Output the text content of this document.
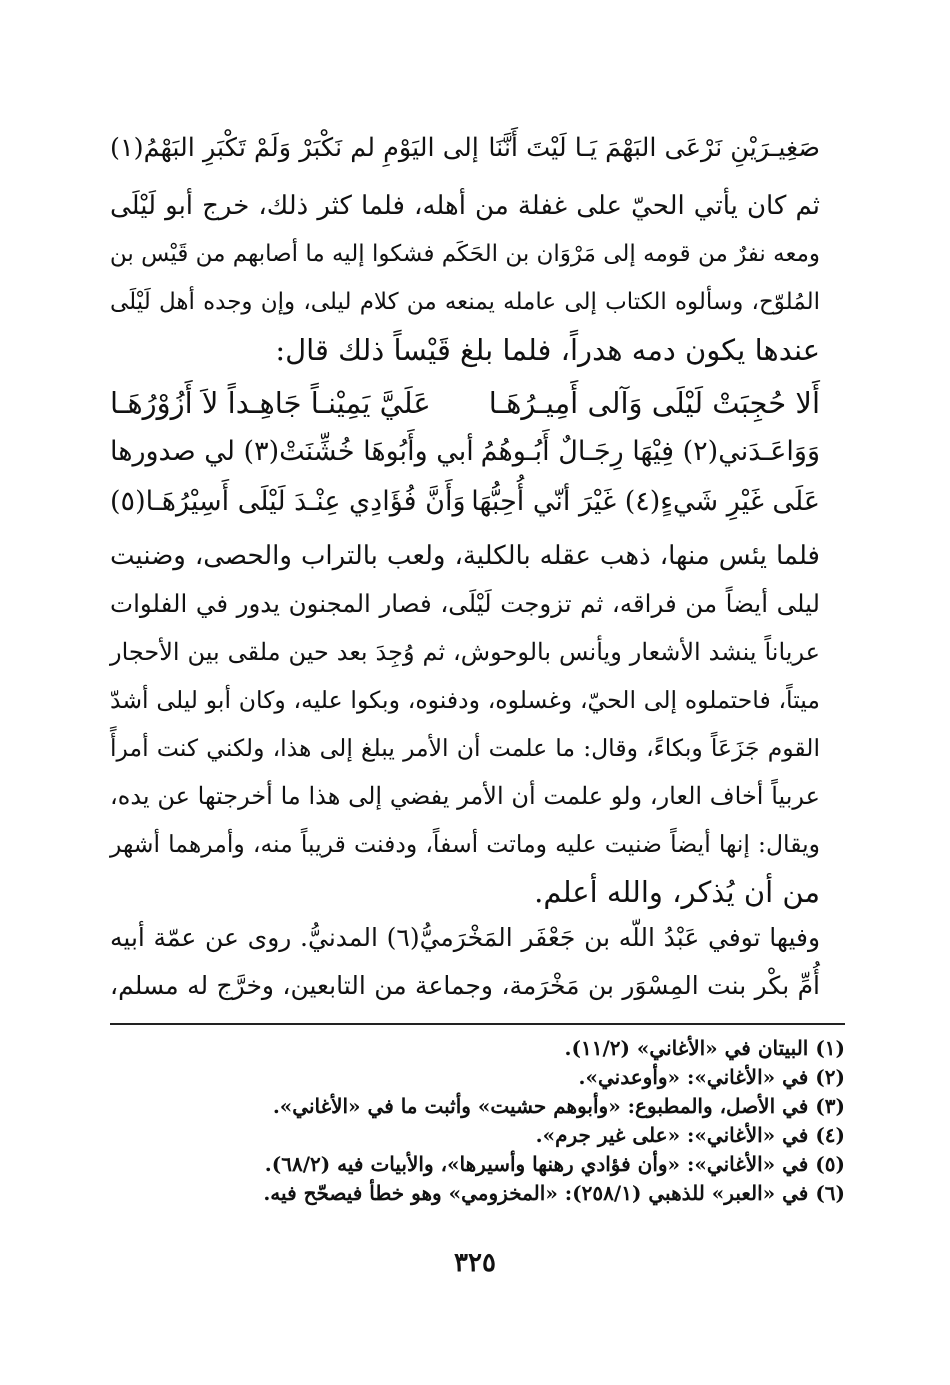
صَغِيـرَيْنِ نَرْعَى البَهْمَ يَـا لَيْتَ أَنَّنَا
إلى اليَوْمِ لم نَكْبَرْ وَلَمْ تَكْبَرِ البَهْمُ(١)
ثم كان يأتي الحيّ على غفلة من أهله، فلما كثر ذلك، خرج أبو لَيْلَى
ومعه نفرٌ من قومه إلى مَرْوَان بن الحَكَم فشكوا إليه ما أصابهم من قَيْس بن
المُلوّح، وسألوه الكتاب إلى عامله يمنعه من كلام ليلى، وإن وجده أهل لَيْلَى
عندها يكون دمه هدراً، فلما بلغ قَيْساً ذلك قال:
أَلا حُجِبَتْ لَيْلَى وَآلى أَمِيـرُهَـا
عَلَيَّ يَمِيْنـاً جَاهِـداً لاَ أَزُوْرُهَـا
وَوَاعَـدَني(٢) فِيْهَا رِجَـالٌ أَبُـوهُمُ
أبي وأَبُوهَا خُشِّنَتْ(٣) لي صدورها
عَلَى غَيْرِ شَيءٍ(٤) غَيْرَ أنّي أُحِبُّهَا
وَأَنَّ فُؤَادِي عِنْـدَ لَيْلَى أَسِيْرُهَـا(٥)
فلما يئس منها، ذهب عقله بالكلية، ولعب بالتراب والحصى، وضنيت
ليلى أيضاً من فراقه، ثم تزوجت لَيْلَى، فصار المجنون يدور في الفلوات
عرياناً ينشد الأشعار ويأنس بالوحوش، ثم وُجِدَ بعد حين ملقى بين الأحجار
ميتاً، فاحتملوه إلى الحيّ، وغسلوه، ودفنوه، وبكوا عليه، وكان أبو ليلى أشدّ
القوم جَزَعَاً وبكاءً، وقال: ما علمت أن الأمر يبلغ إلى هذا، ولكني كنت أمرأً
عربياً أخاف العار، ولو علمت أن الأمر يفضي إلى هذا ما أخرجتها عن يده،
ويقال: إنها أيضاً ضنيت عليه وماتت أسفاً، ودفنت قريباً منه، وأمرهما أشهر
من أن يُذكر، والله أعلم.
وفيها توفي عَبْدُ اللّه بن جَعْفَر المَخْرَميُّ(٦) المدنيُّ. روى عن عمّة أبيه
أُمِّ بكْر بنت المِسْوَر بن مَخْرَمة، وجماعة من التابعين، وخرَّج له مسلم،
(١) البيتان في «الأغاني» (١١/٢).
(٢) في «الأغاني»: «وأوعدني».
(٣) في الأصل، والمطبوع: «وأبوهم حشيت» وأثبت ما في «الأغاني».
(٤) في «الأغاني»: «على غير جرم».
(٥) في «الأغاني»: «وأن فؤادي رهنها وأسيرها»، والأبيات فيه (٦٨/٢).
(٦) في «العبر» للذهبي (٢٥٨/١): «المخزومي» وهو خطأ فيصحّح فيه.
٣٢٥
